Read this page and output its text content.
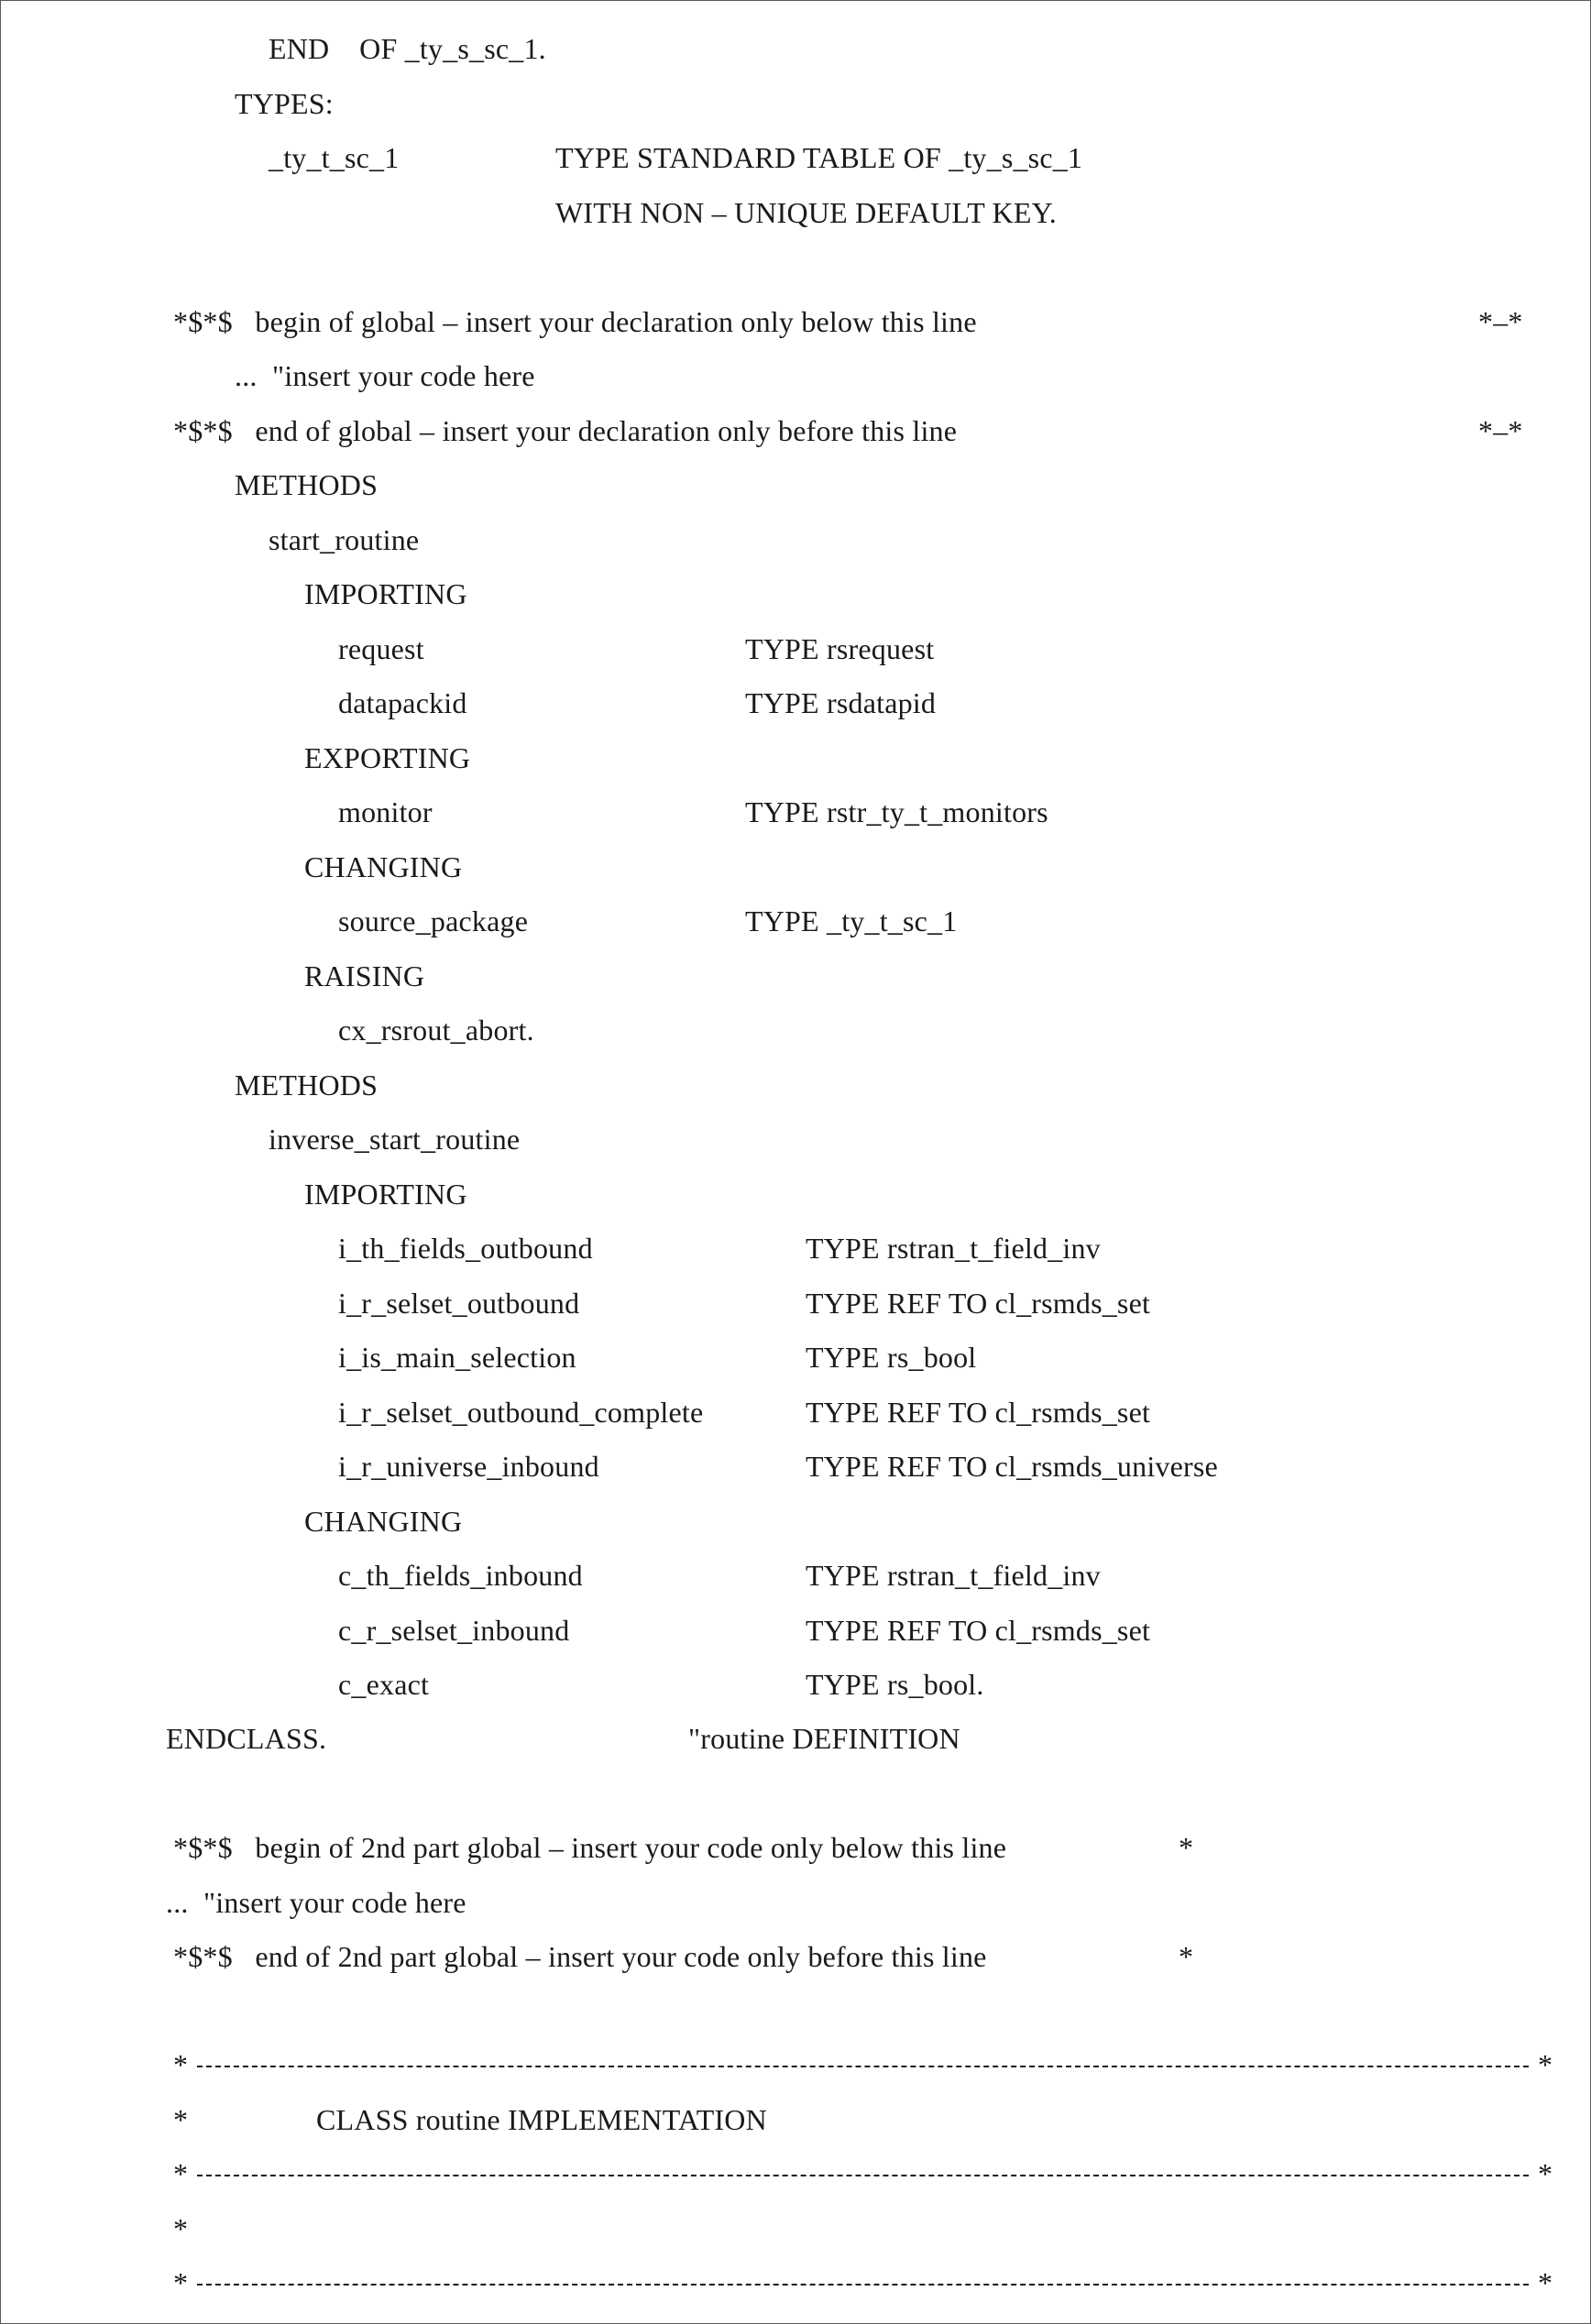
END    OF _ty_s_sc_1.
TYPES:
_ty_t_sc_1	TYPE STANDARD TABLE OF _ty_s_sc_1
WITH NON – UNIQUE DEFAULT KEY.
*$*$   begin of global – insert your declaration only below this line	*–*
...  "insert your code here
*$*$   end of global – insert your declaration only before this line	*–*
METHODS
start_routine
IMPORTING
request	TYPE rsrequest
datapackid	TYPE rsdatapid
EXPORTING
monitor	TYPE rstr_ty_t_monitors
CHANGING
source_package	TYPE _ty_t_sc_1
RAISING
cx_rsrout_abort.
METHODS
inverse_start_routine
IMPORTING
i_th_fields_outbound	TYPE rstran_t_field_inv
i_r_selset_outbound	TYPE REF TO cl_rsmds_set
i_is_main_selection	TYPE rs_bool
i_r_selset_outbound_complete	TYPE REF TO cl_rsmds_set
i_r_universe_inbound	TYPE REF TO cl_rsmds_universe
CHANGING
c_th_fields_inbound	TYPE rstran_t_field_inv
c_r_selset_inbound	TYPE REF TO cl_rsmds_set
c_exact	TYPE rs_bool.
ENDCLASS.	"routine DEFINITION
*$*$   begin of 2nd part global – insert your code only below this line	*
...  "insert your code here
*$*$   end of 2nd part global – insert your code only before this line	*
*	*
*	CLASS routine IMPLEMENTATION
*	*
*
*	*
